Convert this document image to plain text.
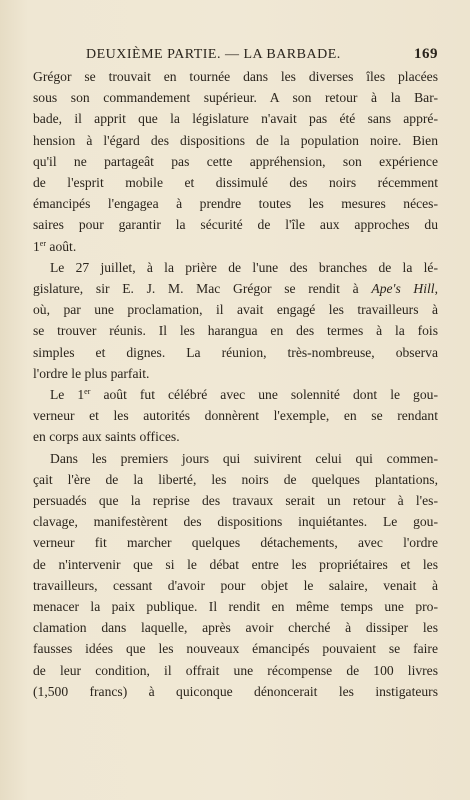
DEUXIÈME PARTIE. — LA BARBADE.	169
Grégor se trouvait en tournée dans les diverses îles placées
sous son commandement supérieur. A son retour à la Bar-
bade, il apprit que la législature n'avait pas été sans appré-
hension à l'égard des dispositions de la population noire. Bien
qu'il ne partageât pas cette appréhension, son expérience
de l'esprit mobile et dissimulé des noirs récemment
émancipés l'engagea à prendre toutes les mesures néces-
saires pour garantir la sécurité de l'île aux approches du
1er août.
Le 27 juillet, à la prière de l'une des branches de la lé-
gislature, sir E. J. M. Mac Grégor se rendit à Ape's Hill,
où, par une proclamation, il avait engagé les travailleurs à
se trouver réunis. Il les harangua en des termes à la fois
simples et dignes. La réunion, très-nombreuse, observa
l'ordre le plus parfait.
Le 1er août fut célébré avec une solennité dont le gou-
verneur et les autorités donnèrent l'exemple, en se rendant
en corps aux saints offices.
Dans les premiers jours qui suivirent celui qui commen-
çait l'ère de la liberté, les noirs de quelques plantations,
persuadés que la reprise des travaux serait un retour à l'es-
clavage, manifestèrent des dispositions inquiétantes. Le gou-
verneur fit marcher quelques détachements, avec l'ordre
de n'intervenir que si le débat entre les propriétaires et les
travailleurs, cessant d'avoir pour objet le salaire, venait à
menacer la paix publique. Il rendit en même temps une pro-
clamation dans laquelle, après avoir cherché à dissiper les
fausses idées que les nouveaux émancipés pouvaient se faire
de leur condition, il offrait une récompense de 100 livres
(1,500 francs) à quiconque dénoncerait les instigateurs
